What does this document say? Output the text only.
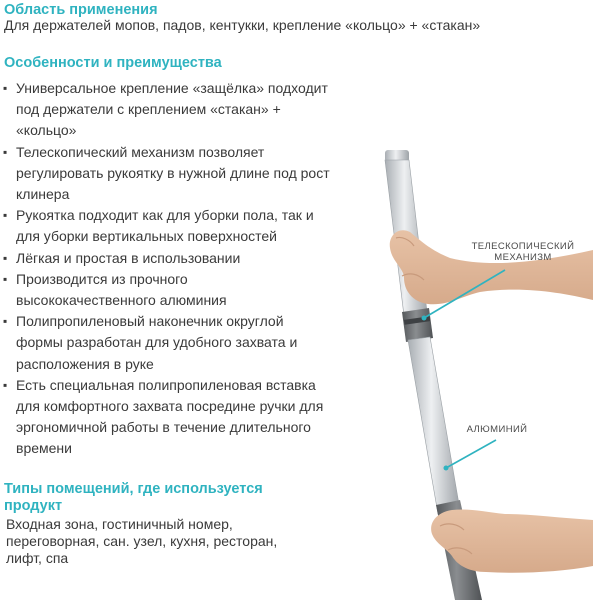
Область применения

Для держателей мопов, падов, кентукки, крепление «кольцо» + «стакан»

Особенности и преимущества
▪ Универсальное крепление «защёлка» подходит
под держатели с креплением «стакан» +
«кольцо»
▪ Телескопический механизм позволяет
регулировать рукоятку в нужной длине под рост
клинера
▪ Рукоятка подходит как для уборки пола, так и
для уборки вертикальных поверхностей
▪ Лёгкая и простая в использовании
▪ Производится из прочного
высококачественного алюминия
▪ Полипропиленовый наконечник округлой
формы разработан для удобного захвата и
расположения в руке
▪ Есть специальная полипропиленовая вставка
для комфортного захвата посредине ручки для
эргономичной работы в течение длительного
времени
Типы помещений, где используется
продукт
Входная зона, гостиничный номер,
переговорная, сан. узел, кухня, ресторан,
лифт, спа
ТЕЛЕСКОПИЧЕСКИЙ
МЕХАНИЗМ
АЛЮМИНИЙ
